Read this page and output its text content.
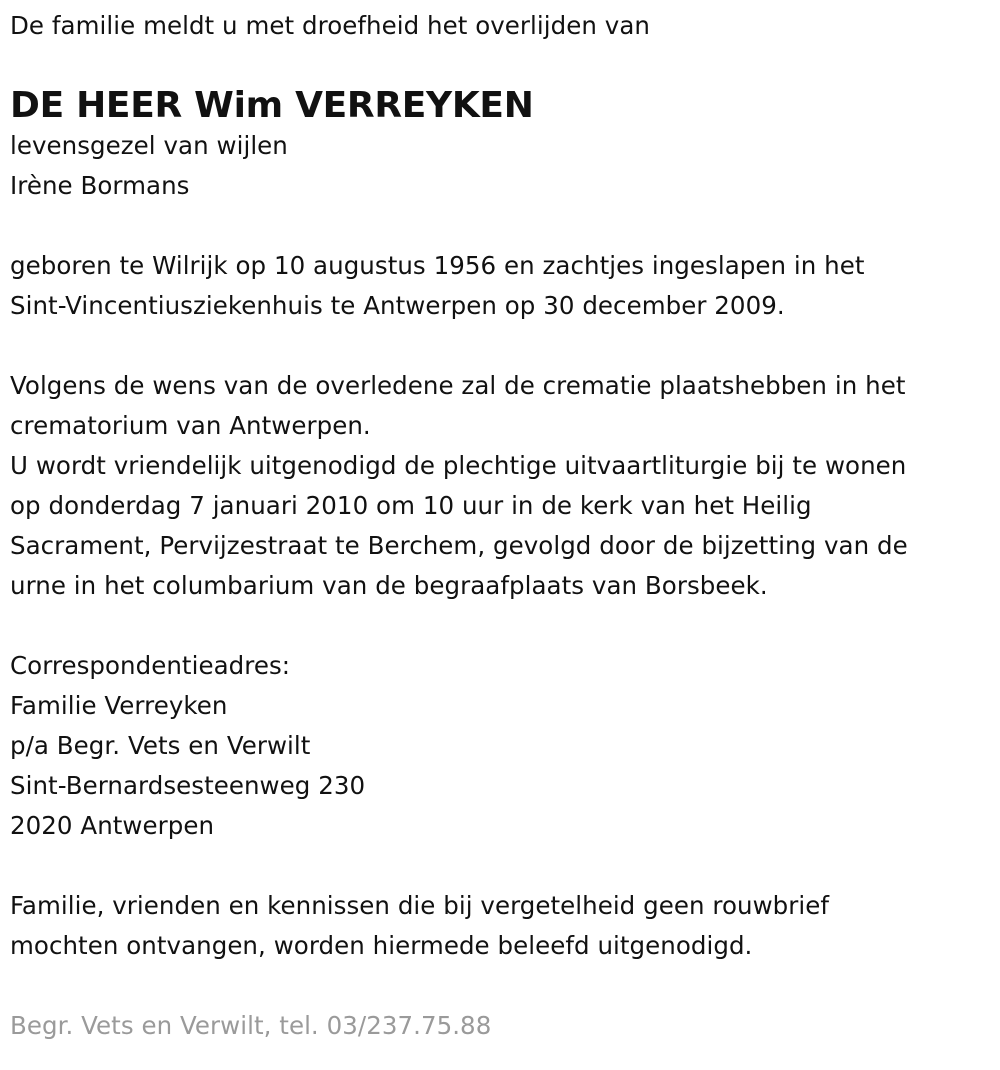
De familie meldt u met droefheid het overlijden van
DE HEER Wim VERREYKEN
levensgezel van wijlen
Irène Bormans
geboren te Wilrijk op 10 augustus 1956 en zachtjes ingeslapen in het
Sint-Vincentiusziekenhuis te Antwerpen op 30 december 2009.
Volgens de wens van de overledene zal de crematie plaatshebben in het
crematorium van Antwerpen.
U wordt vriendelijk uitgenodigd de plechtige uitvaartliturgie bij te wonen
op donderdag 7 januari 2010 om 10 uur in de kerk van het Heilig
Sacrament, Pervijzestraat te Berchem, gevolgd door de bijzetting van de
urne in het columbarium van de begraafplaats van Borsbeek.
Correspondentieadres:
Familie Verreyken
p/a Begr. Vets en Verwilt
Sint-Bernardsesteenweg 230
2020 Antwerpen
Familie, vrienden en kennissen die bij vergetelheid geen rouwbrief
mochten ontvangen, worden hiermede beleefd uitgenodigd.
Begr. Vets en Verwilt, tel. 03/237.75.88
